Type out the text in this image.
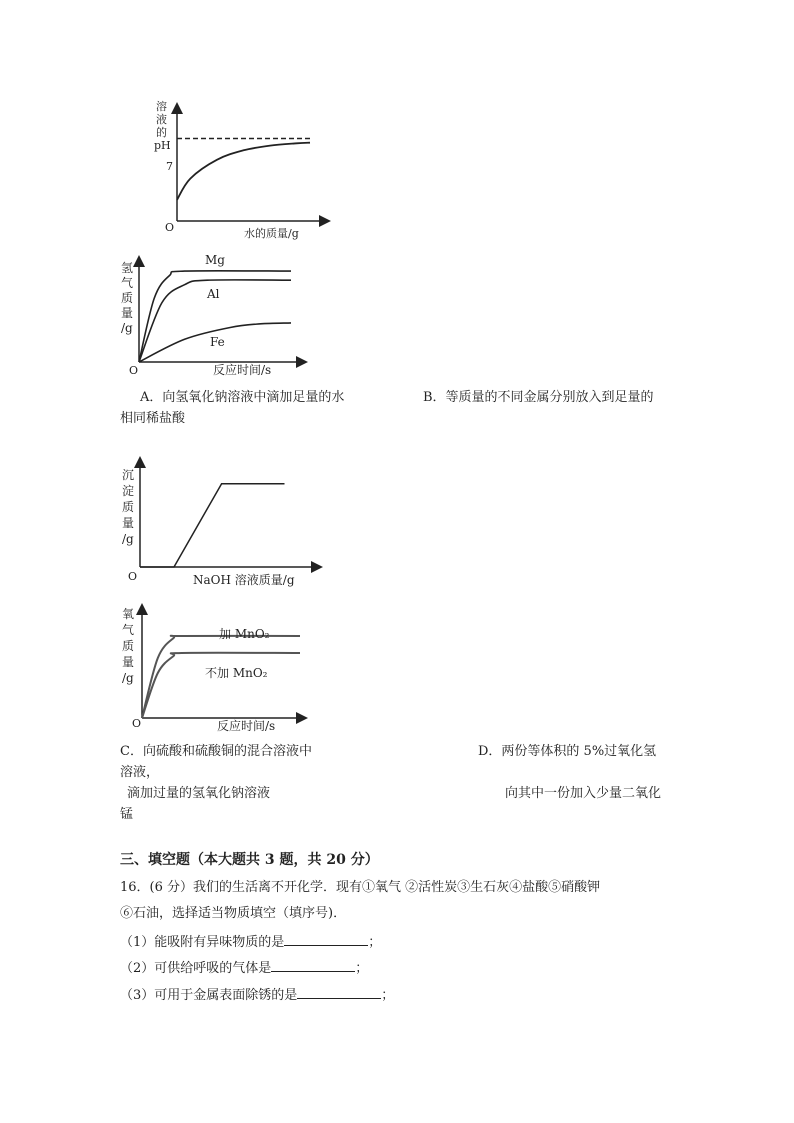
溶
液
的
pH
7
O	水的质量/g
氢
气
质
量
/g
O	反应时间/s
Mg
Al
Fe
A．向氢氧化钠溶液中滴加足量的水	B．等质量的不同金属分别放入到足量的
相同稀盐酸
沉
淀
质
量
/g
O	NaOH 溶液质量/g
氧
气
质
量
/g
O	反应时间/s
加 MnO₂
不加 MnO₂
C．向硫酸和硫酸铜的混合溶液中	D．两份等体积的 5%过氧化氢
溶液，
滴加过量的氢氧化钠溶液	向其中一份加入少量二氧化
锰
三、填空题（本大题共 3 题，共 20 分）
16．(6 分）我们的生活离不开化学．现有①氧气 ②活性炭③生石灰④盐酸⑤硝酸钾
⑥石油，选择适当物质填空（填序号)．
（1）能吸附有异味物质的是	；
（2）可供给呼吸的气体是	；
（3）可用于金属表面除锈的是	；
